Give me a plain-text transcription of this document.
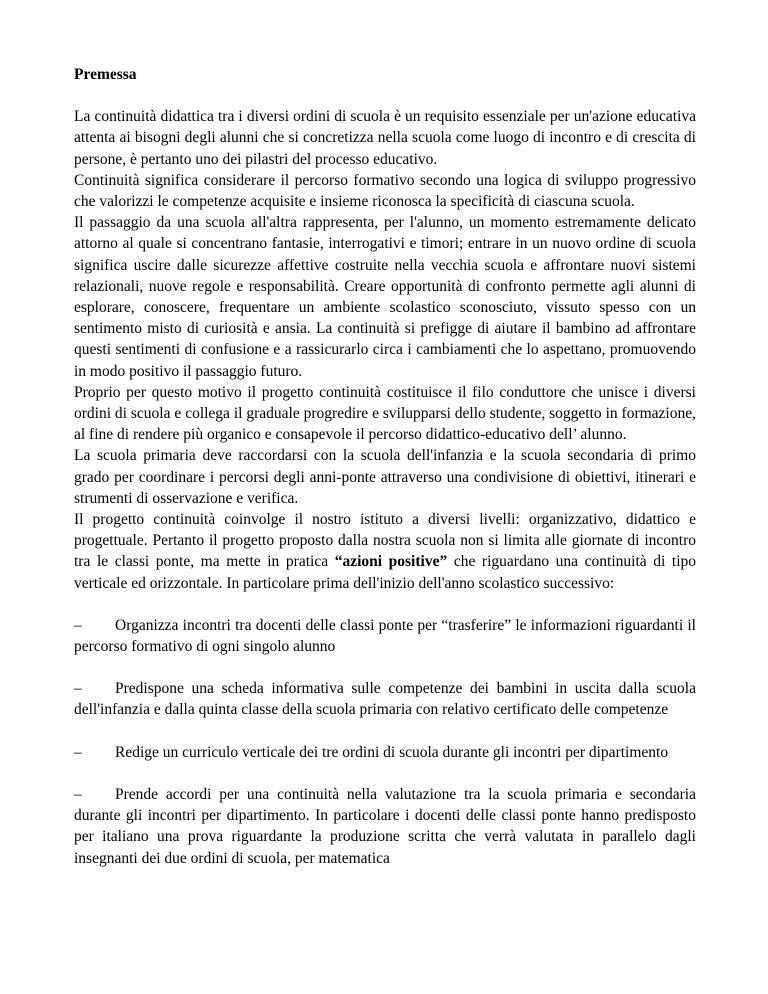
Premessa

La continuità didattica tra i diversi ordini di scuola è un requisito essenziale per un'azione educativa attenta ai bisogni degli alunni che si concretizza nella scuola come luogo di incontro e di crescita di persone, è pertanto uno dei pilastri del processo educativo.

Continuità significa considerare il percorso formativo secondo una logica di sviluppo progressivo che valorizzi le competenze acquisite e insieme riconosca la specificità di ciascuna scuola.

Il passaggio da una scuola all'altra rappresenta, per l'alunno, un momento estremamente delicato attorno al quale si concentrano fantasie, interrogativi e timori; entrare in un nuovo ordine di scuola significa uscire dalle sicurezze affettive costruite nella vecchia scuola e affrontare nuovi sistemi relazionali, nuove regole e responsabilità. Creare opportunità di confronto permette agli alunni di esplorare, conoscere, frequentare un ambiente scolastico sconosciuto, vissuto spesso con un sentimento misto di curiosità e ansia. La continuità si prefigge di aiutare il bambino ad affrontare questi sentimenti di confusione e a rassicurarlo circa i cambiamenti che lo aspettano, promuovendo in modo positivo il passaggio futuro.

Proprio per questo motivo il progetto continuità costituisce il filo conduttore che unisce i diversi ordini di scuola e collega il graduale progredire e svilupparsi dello studente, soggetto in formazione, al fine di rendere più organico e consapevole il percorso didattico-educativo dell’ alunno.

La scuola primaria deve raccordarsi con la scuola dell'infanzia e la scuola secondaria di primo grado per coordinare i percorsi degli anni-ponte attraverso una condivisione di obiettivi, itinerari e strumenti di osservazione e verifica.

Il progetto continuità coinvolge il nostro istituto a diversi livelli: organizzativo, didattico e progettuale. Pertanto il progetto proposto dalla nostra scuola non si limita alle giornate di incontro tra le classi ponte, ma mette in pratica “azioni positive” che riguardano una continuità di tipo verticale ed orizzontale. In particolare prima dell'inizio dell'anno scolastico successivo:

– Organizza incontri tra docenti delle classi ponte per “trasferire” le informazioni riguardanti il percorso formativo di ogni singolo alunno

– Predispone una scheda informativa sulle competenze dei bambini in uscita dalla scuola dell'infanzia e dalla quinta classe della scuola primaria con relativo certificato delle competenze

– Redige un curriculo verticale dei tre ordini di scuola durante gli incontri per dipartimento

– Prende accordi per una continuità nella valutazione tra la scuola primaria e secondaria durante gli incontri per dipartimento. In particolare i docenti delle classi ponte hanno predisposto per italiano una prova riguardante la produzione scritta che verrà valutata in parallelo dagli insegnanti dei due ordini di scuola, per matematica
